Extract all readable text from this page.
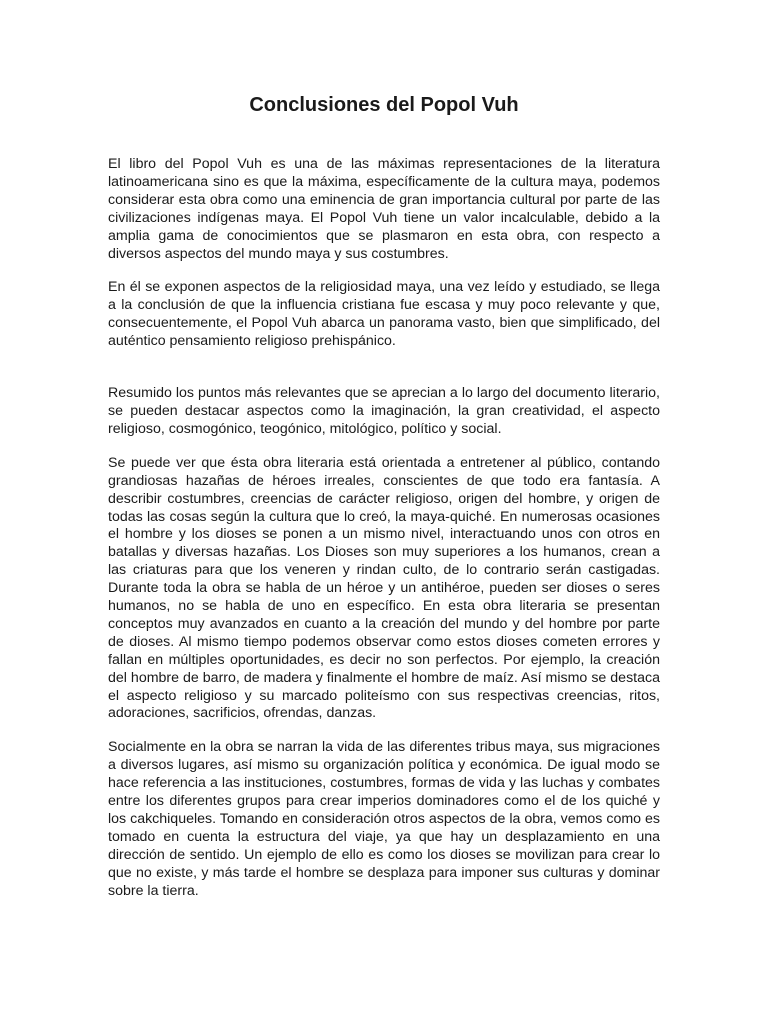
Conclusiones del Popol Vuh

El libro del Popol Vuh es una de las máximas representaciones de la literatura latinoamericana sino es que la máxima, específicamente de la cultura maya, podemos considerar esta obra como una eminencia de gran importancia cultural por parte de las civilizaciones indígenas maya. El Popol Vuh tiene un valor incalculable, debido a la amplia gama de conocimientos que se plasmaron en esta obra, con respecto a diversos aspectos del mundo maya y sus costumbres.

En él se exponen aspectos de la religiosidad maya, una vez leído y estudiado, se llega a la conclusión de que la influencia cristiana fue escasa y muy poco relevante y que, consecuentemente, el Popol Vuh abarca un panorama vasto, bien que simplificado, del auténtico pensamiento religioso prehispánico.

Resumido los puntos más relevantes que se aprecian a lo largo del documento literario, se pueden destacar aspectos como la imaginación, la gran creatividad, el aspecto religioso, cosmogónico, teogónico, mitológico, político y social.

Se puede ver que ésta obra literaria está orientada a entretener al público, contando grandiosas hazañas de héroes irreales, conscientes de que todo era fantasía. A describir costumbres, creencias de carácter religioso, origen del hombre, y origen de todas las cosas según la cultura que lo creó, la maya-quiché. En numerosas ocasiones el hombre y los dioses se ponen a un mismo nivel, interactuando unos con otros en batallas y diversas hazañas. Los Dioses son muy superiores a los humanos, crean a las criaturas para que los veneren y rindan culto, de lo contrario serán castigadas. Durante toda la obra se habla de un héroe y un antihéroe, pueden ser dioses o seres humanos, no se habla de uno en específico. En esta obra literaria se presentan conceptos muy avanzados en cuanto a la creación del mundo y del hombre por parte de dioses. Al mismo tiempo podemos observar como estos dioses cometen errores y fallan en múltiples oportunidades, es decir no son perfectos. Por ejemplo, la creación del hombre de barro, de madera y finalmente el hombre de maíz. Así mismo se destaca el aspecto religioso y su marcado politeísmo con sus respectivas creencias, ritos, adoraciones, sacrificios, ofrendas, danzas.

Socialmente en la obra se narran la vida de las diferentes tribus maya, sus migraciones a diversos lugares, así mismo su organización política y económica. De igual modo se hace referencia a las instituciones, costumbres, formas de vida y las luchas y combates entre los diferentes grupos para crear imperios dominadores como el de los quiché y los cakchiqueles. Tomando en consideración otros aspectos de la obra, vemos como es tomado en cuenta la estructura del viaje, ya que hay un desplazamiento en una dirección de sentido. Un ejemplo de ello es como los dioses se movilizan para crear lo que no existe, y más tarde el hombre se desplaza para imponer sus culturas y dominar sobre la tierra.
